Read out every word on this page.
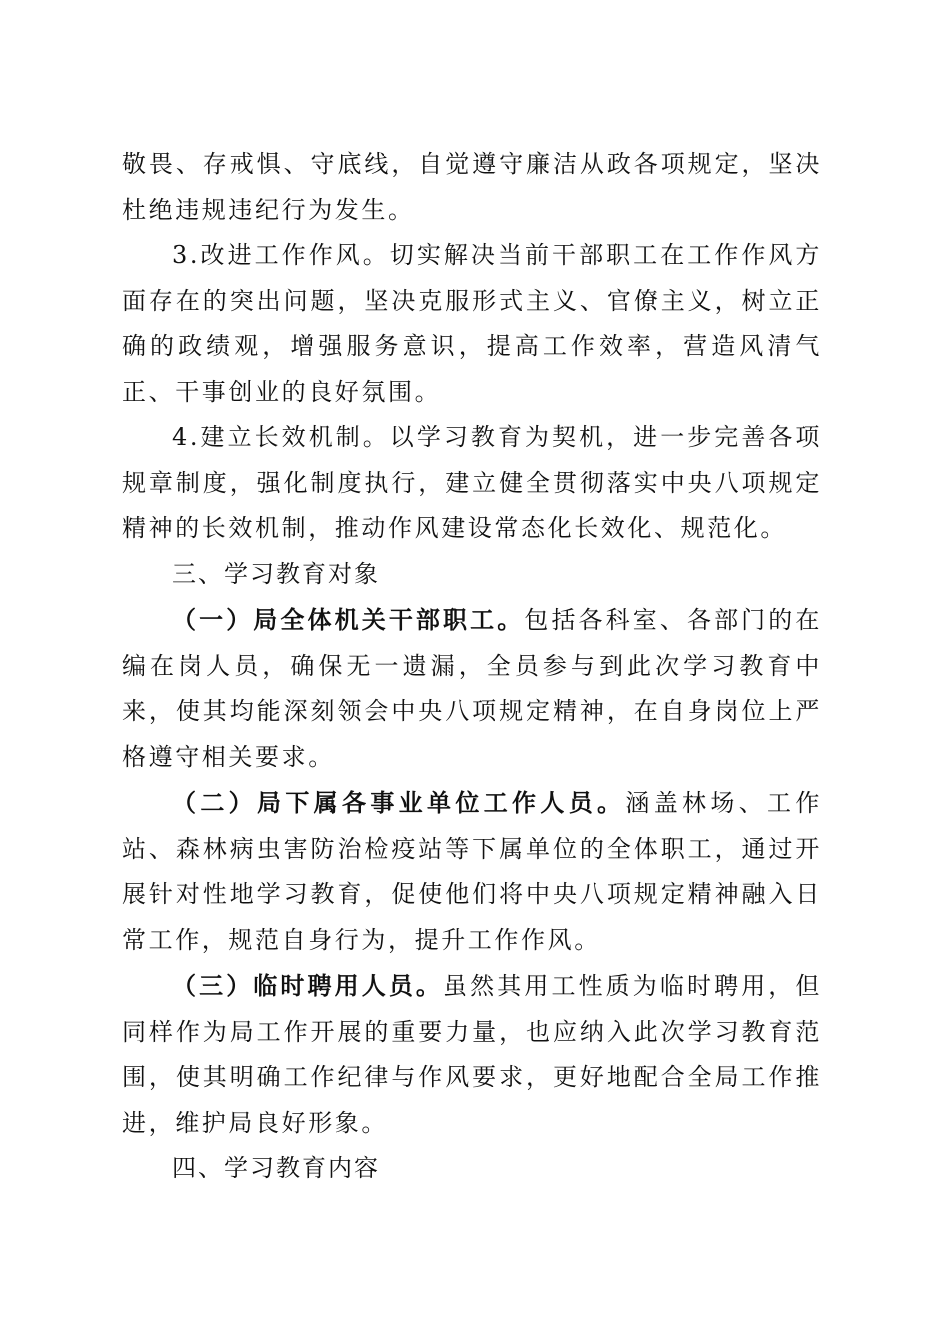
敬畏、存戒惧、守底线，自觉遵守廉洁从政各项规定，坚决杜绝违规违纪行为发生。

3.改进工作作风。切实解决当前干部职工在工作作风方面存在的突出问题，坚决克服形式主义、官僚主义，树立正确的政绩观，增强服务意识，提高工作效率，营造风清气正、干事创业的良好氛围。

4.建立长效机制。以学习教育为契机，进一步完善各项规章制度，强化制度执行，建立健全贯彻落实中央八项规定精神的长效机制，推动作风建设常态化长效化、规范化。

三、学习教育对象

（一）局全体机关干部职工。包括各科室、各部门的在编在岗人员，确保无一遗漏，全员参与到此次学习教育中来，使其均能深刻领会中央八项规定精神，在自身岗位上严格遵守相关要求。

（二）局下属各事业单位工作人员。涵盖林场、工作站、森林病虫害防治检疫站等下属单位的全体职工，通过开展针对性地学习教育，促使他们将中央八项规定精神融入日常工作，规范自身行为，提升工作作风。

（三）临时聘用人员。虽然其用工性质为临时聘用，但同样作为局工作开展的重要力量，也应纳入此次学习教育范围，使其明确工作纪律与作风要求，更好地配合全局工作推进，维护局良好形象。

四、学习教育内容
